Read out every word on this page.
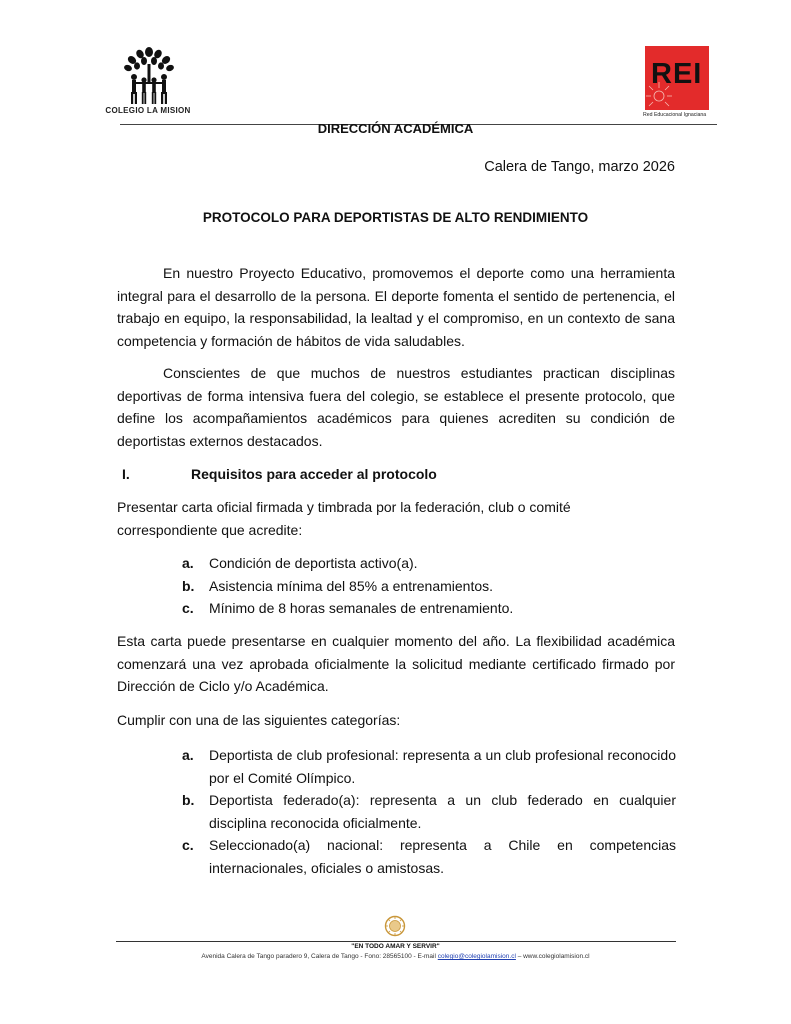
COLEGIO LA MISION
REI
Red Educacional Ignaciana
DIRECCIÓN ACADÉMICA
Calera de Tango, marzo 2026
PROTOCOLO PARA DEPORTISTAS DE ALTO RENDIMIENTO
En nuestro Proyecto Educativo, promovemos el deporte como una herramienta integral para el desarrollo de la persona. El deporte fomenta el sentido de pertenencia, el trabajo en equipo, la responsabilidad, la lealtad y el compromiso, en un contexto de sana competencia y formación de hábitos de vida saludables.
Conscientes de que muchos de nuestros estudiantes practican disciplinas deportivas de forma intensiva fuera del colegio, se establece el presente protocolo, que define los acompañamientos académicos para quienes acrediten su condición de deportistas externos destacados.
I.	Requisitos para acceder al protocolo
Presentar carta oficial firmada y timbrada por la federación, club o comité correspondiente que acredite:
a. Condición de deportista activo(a).
b. Asistencia mínima del 85% a entrenamientos.
c. Mínimo de 8 horas semanales de entrenamiento.
Esta carta puede presentarse en cualquier momento del año. La flexibilidad académica comenzará una vez aprobada oficialmente la solicitud mediante certificado firmado por Dirección de Ciclo y/o Académica.
Cumplir con una de las siguientes categorías:
a. Deportista de club profesional: representa a un club profesional reconocido por el Comité Olímpico.
b. Deportista federado(a): representa a un club federado en cualquier disciplina reconocida oficialmente.
c. Seleccionado(a) nacional: representa a Chile en competencias internacionales, oficiales o amistosas.
"EN TODO AMAR Y SERVIR"
Avenida Calera de Tango paradero 9, Calera de Tango - Fono: 28565100 - E-mail colegio@colegiolamision.cl – www.colegiolamision.cl
